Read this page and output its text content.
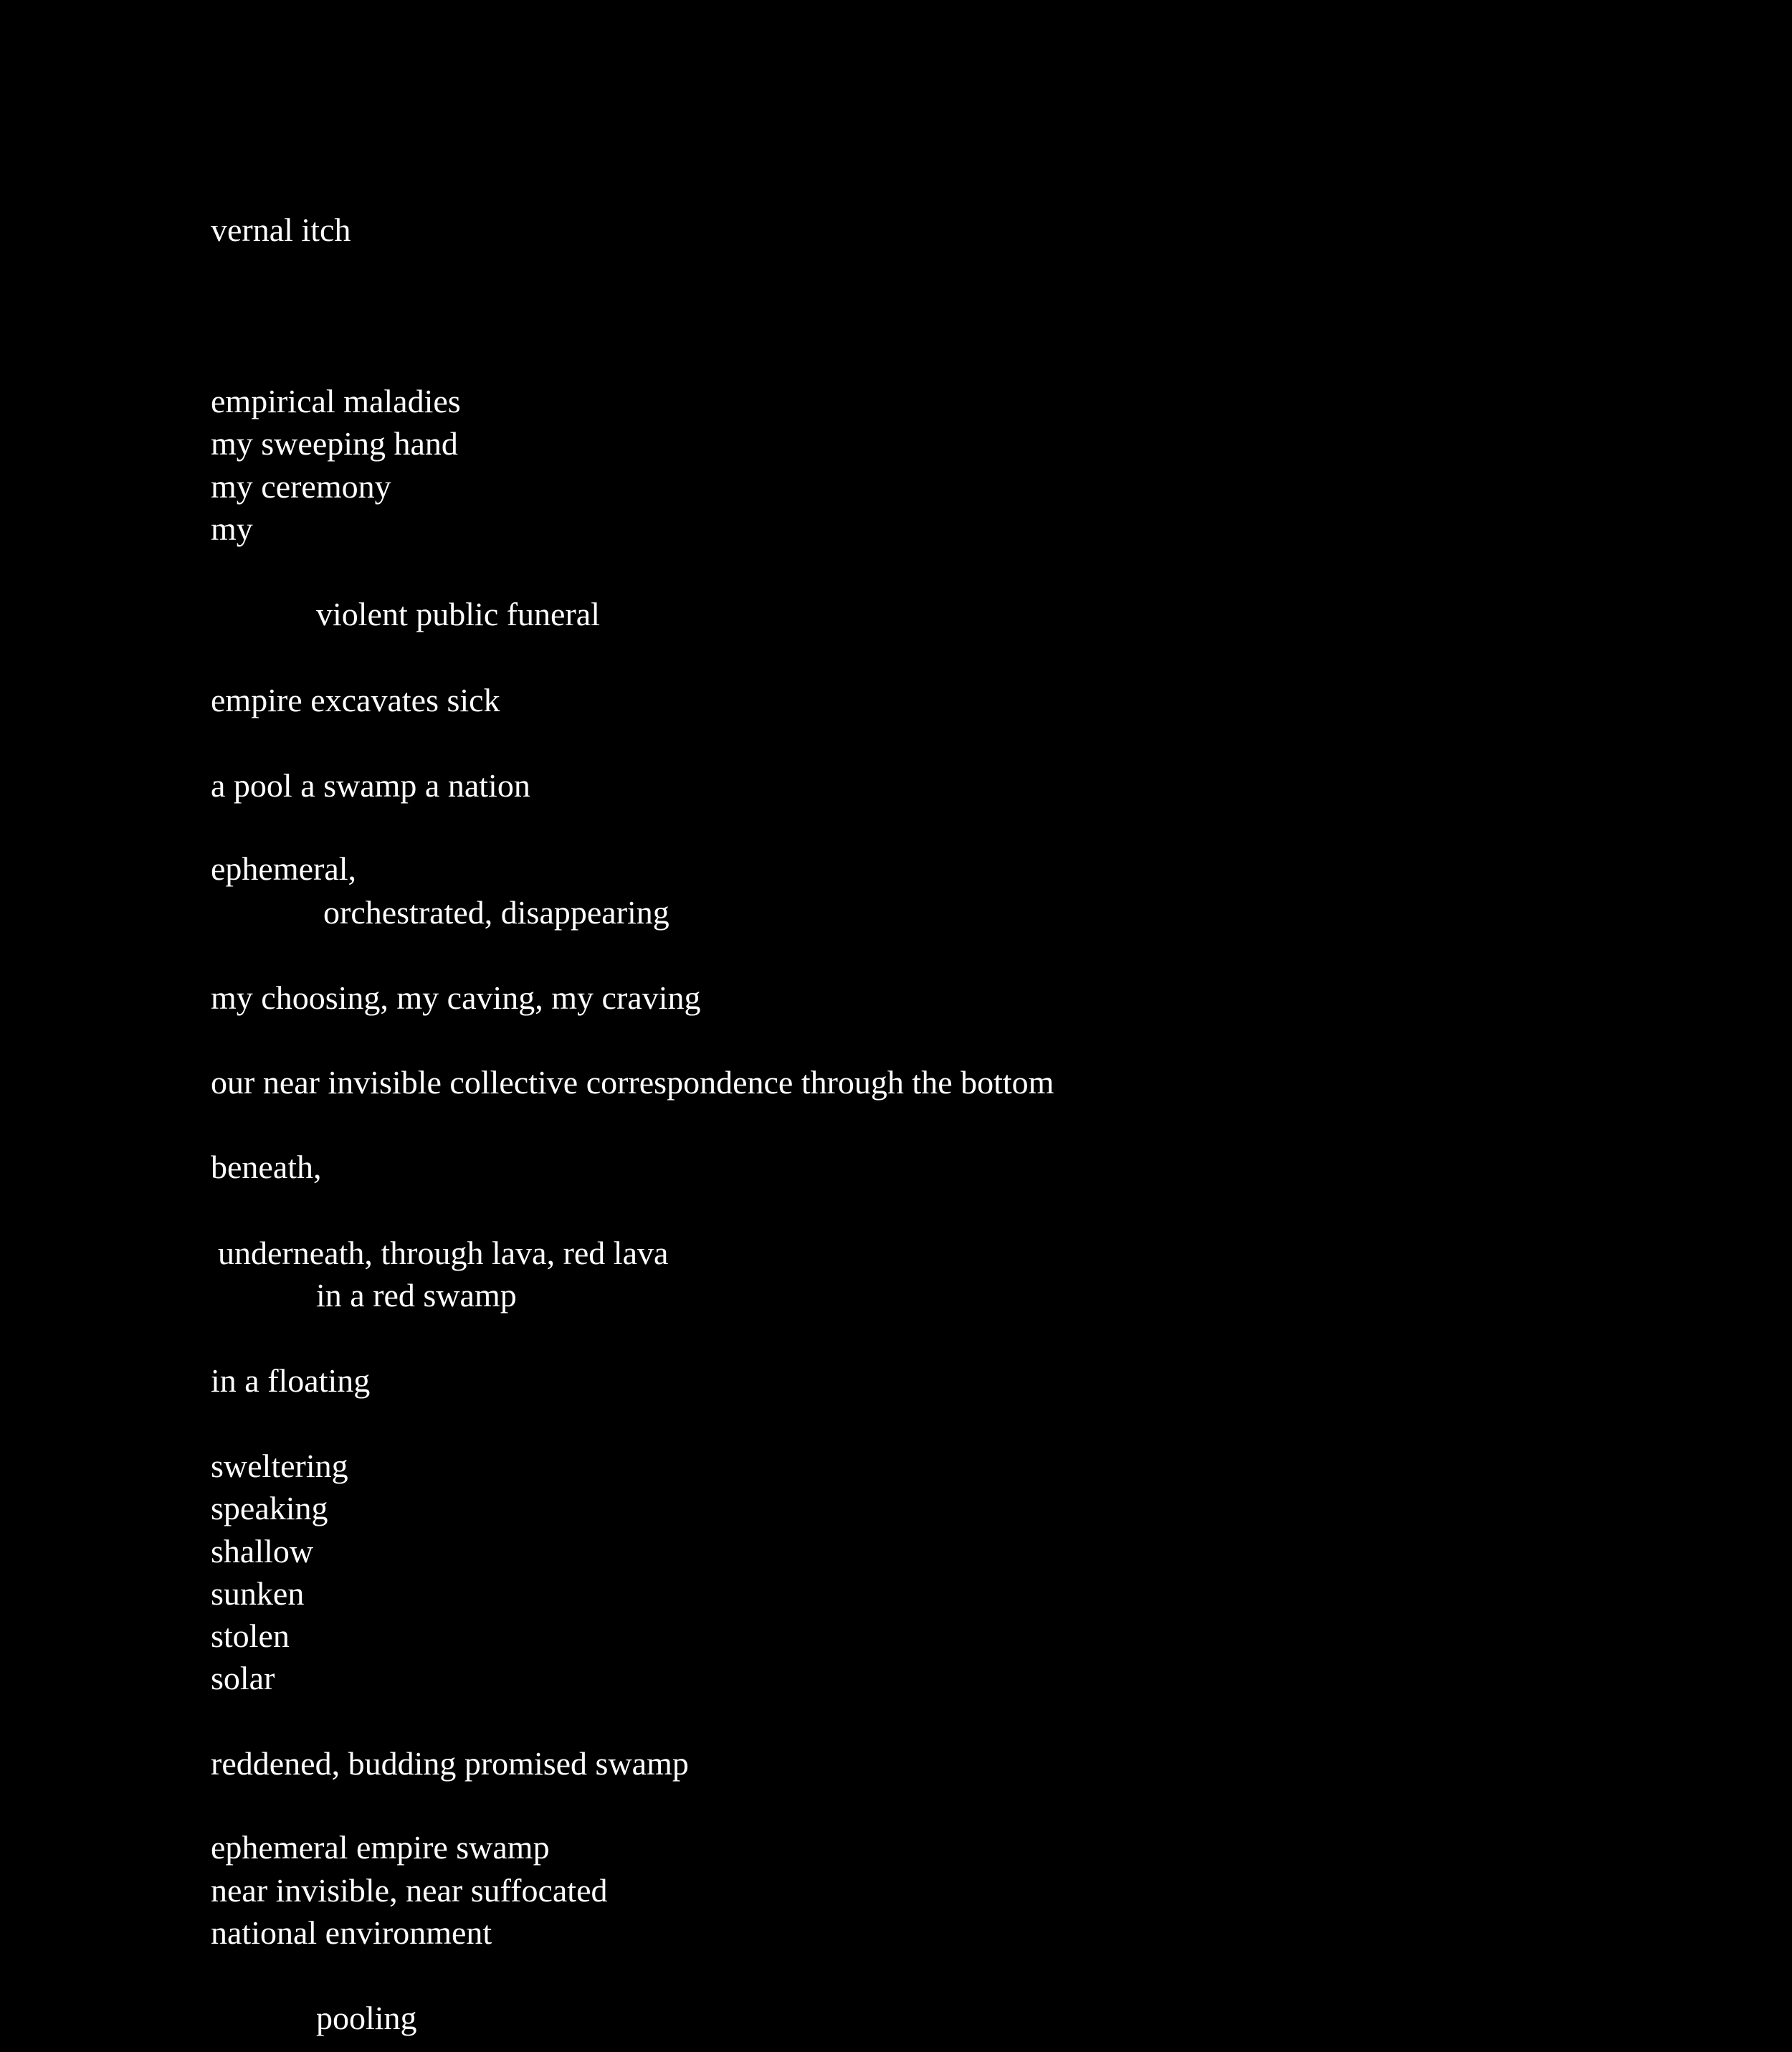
vernal itch
empirical maladies
my sweeping hand
my ceremony
my
violent public funeral
empire excavates sick
a pool a swamp a nation
ephemeral,
orchestrated, disappearing
my choosing, my caving, my craving
our near invisible collective correspondence through the bottom
beneath,
underneath, through lava, red lava
in a red swamp
in a floating
sweltering
speaking
shallow
sunken
stolen
solar
reddened, budding promised swamp
ephemeral empire swamp
near invisible, near suffocated
national environment
pooling
